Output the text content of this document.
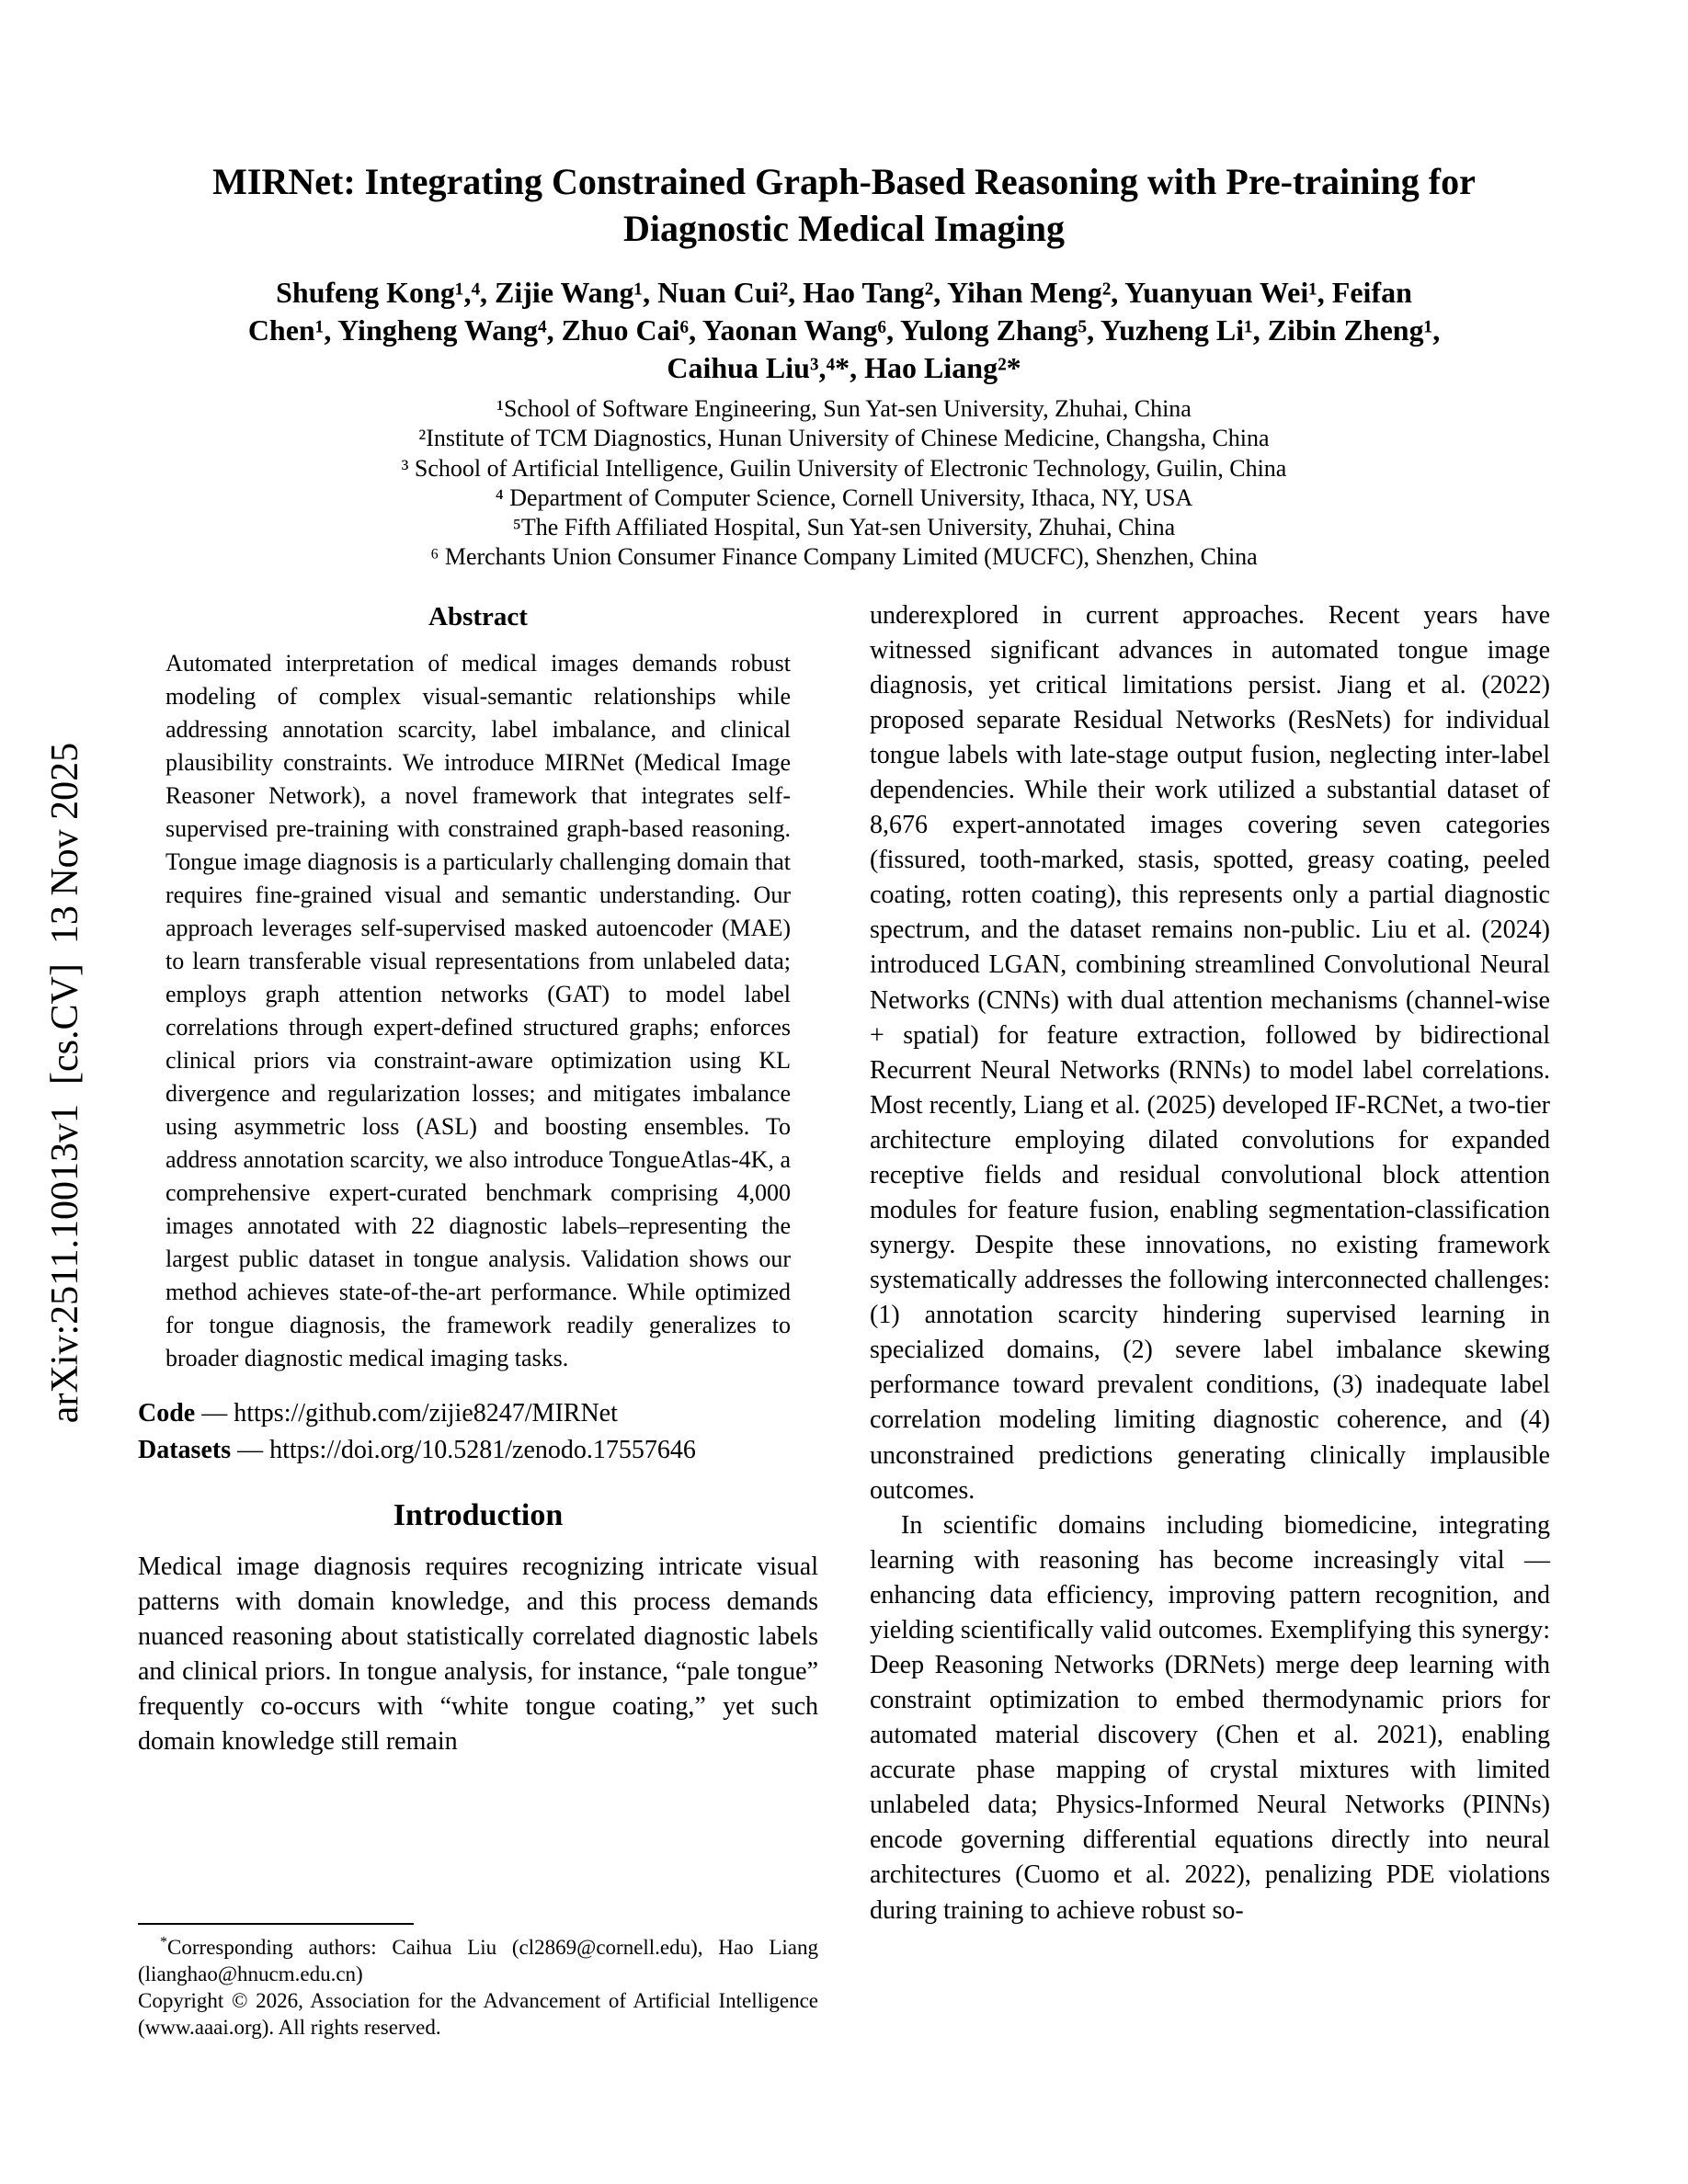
arXiv:2511.10013v1  [cs.CV]  13 Nov 2025
MIRNet: Integrating Constrained Graph-Based Reasoning with Pre-training for
Diagnostic Medical Imaging
Shufeng Kong¹,⁴, Zijie Wang¹, Nuan Cui², Hao Tang², Yihan Meng², Yuanyuan Wei¹, Feifan
Chen¹, Yingheng Wang⁴, Zhuo Cai⁶, Yaonan Wang⁶, Yulong Zhang⁵, Yuzheng Li¹, Zibin Zheng¹,
Caihua Liu³,⁴*, Hao Liang²*
¹School of Software Engineering, Sun Yat-sen University, Zhuhai, China
²Institute of TCM Diagnostics, Hunan University of Chinese Medicine, Changsha, China
³ School of Artificial Intelligence, Guilin University of Electronic Technology, Guilin, China
⁴ Department of Computer Science, Cornell University, Ithaca, NY, USA
⁵The Fifth Affiliated Hospital, Sun Yat-sen University, Zhuhai, China
⁶ Merchants Union Consumer Finance Company Limited (MUCFC), Shenzhen, China
Abstract

Automated interpretation of medical images demands robust modeling of complex visual-semantic relationships while addressing annotation scarcity, label imbalance, and clinical plausibility constraints. We introduce MIRNet (Medical Image Reasoner Network), a novel framework that integrates self-supervised pre-training with constrained graph-based reasoning. Tongue image diagnosis is a particularly challenging domain that requires fine-grained visual and semantic understanding. Our approach leverages self-supervised masked autoencoder (MAE) to learn transferable visual representations from unlabeled data; employs graph attention networks (GAT) to model label correlations through expert-defined structured graphs; enforces clinical priors via constraint-aware optimization using KL divergence and regularization losses; and mitigates imbalance using asymmetric loss (ASL) and boosting ensembles. To address annotation scarcity, we also introduce TongueAtlas-4K, a comprehensive expert-curated benchmark comprising 4,000 images annotated with 22 diagnostic labels–representing the largest public dataset in tongue analysis. Validation shows our method achieves state-of-the-art performance. While optimized for tongue diagnosis, the framework readily generalizes to broader diagnostic medical imaging tasks.

Code — https://github.com/zijie8247/MIRNet

Datasets — https://doi.org/10.5281/zenodo.17557646

Introduction

Medical image diagnosis requires recognizing intricate visual patterns with domain knowledge, and this process demands nuanced reasoning about statistically correlated diagnostic labels and clinical priors. In tongue analysis, for instance, “pale tongue” frequently co-occurs with “white tongue coating,” yet such domain knowledge still remain

*Corresponding authors: Caihua Liu (cl2869@cornell.edu), Hao Liang (lianghao@hnucm.edu.cn)

Copyright © 2026, Association for the Advancement of Artificial Intelligence (www.aaai.org). All rights reserved.

underexplored in current approaches. Recent years have witnessed significant advances in automated tongue image diagnosis, yet critical limitations persist. Jiang et al. (2022) proposed separate Residual Networks (ResNets) for individual tongue labels with late-stage output fusion, neglecting inter-label dependencies. While their work utilized a substantial dataset of 8,676 expert-annotated images covering seven categories (fissured, tooth-marked, stasis, spotted, greasy coating, peeled coating, rotten coating), this represents only a partial diagnostic spectrum, and the dataset remains non-public. Liu et al. (2024) introduced LGAN, combining streamlined Convolutional Neural Networks (CNNs) with dual attention mechanisms (channel-wise + spatial) for feature extraction, followed by bidirectional Recurrent Neural Networks (RNNs) to model label correlations. Most recently, Liang et al. (2025) developed IF-RCNet, a two-tier architecture employing dilated convolutions for expanded receptive fields and residual convolutional block attention modules for feature fusion, enabling segmentation-classification synergy. Despite these innovations, no existing framework systematically addresses the following interconnected challenges: (1) annotation scarcity hindering supervised learning in specialized domains, (2) severe label imbalance skewing performance toward prevalent conditions, (3) inadequate label correlation modeling limiting diagnostic coherence, and (4) unconstrained predictions generating clinically implausible outcomes.

In scientific domains including biomedicine, integrating learning with reasoning has become increasingly vital — enhancing data efficiency, improving pattern recognition, and yielding scientifically valid outcomes. Exemplifying this synergy: Deep Reasoning Networks (DRNets) merge deep learning with constraint optimization to embed thermodynamic priors for automated material discovery (Chen et al. 2021), enabling accurate phase mapping of crystal mixtures with limited unlabeled data; Physics-Informed Neural Networks (PINNs) encode governing differential equations directly into neural architectures (Cuomo et al. 2022), penalizing PDE violations during training to achieve robust so-
